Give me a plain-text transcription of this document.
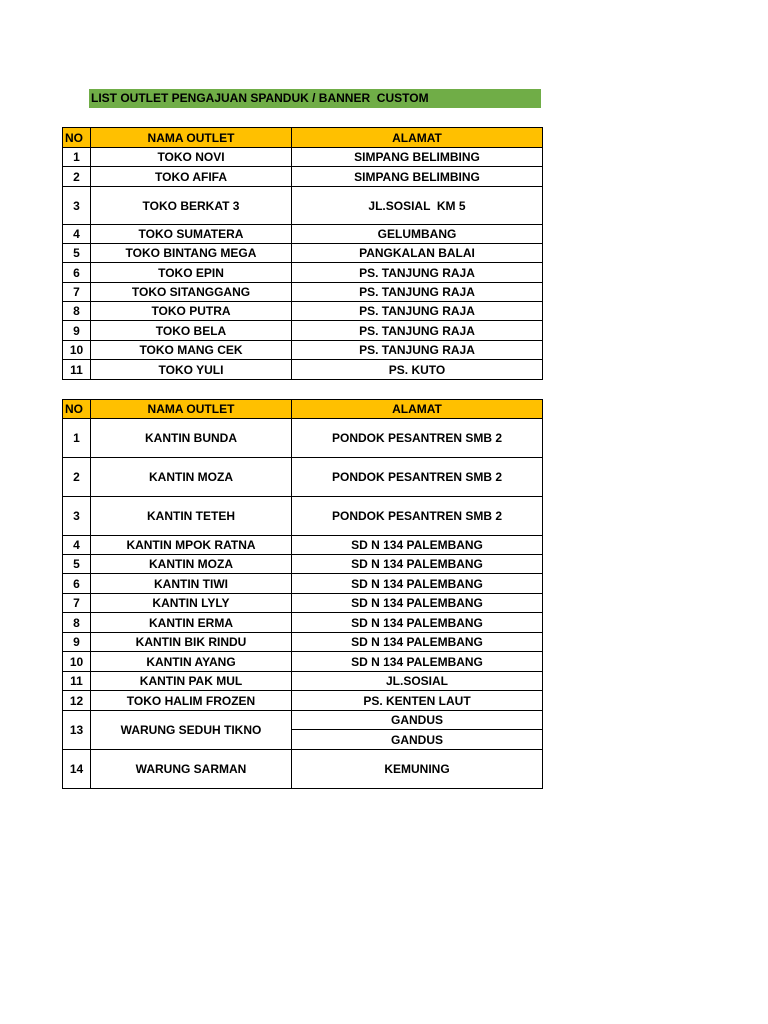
LIST OUTLET PENGAJUAN SPANDUK / BANNER  CUSTOM
NO	NAMA OUTLET	ALAMAT
1	TOKO NOVI	SIMPANG BELIMBING
2	TOKO AFIFA	SIMPANG BELIMBING
3	TOKO BERKAT 3	JL.SOSIAL  KM 5
4	TOKO SUMATERA	GELUMBANG
5	TOKO BINTANG MEGA	PANGKALAN BALAI
6	TOKO EPIN	PS. TANJUNG RAJA
7	TOKO SITANGGANG	PS. TANJUNG RAJA
8	TOKO PUTRA	PS. TANJUNG RAJA
9	TOKO BELA	PS. TANJUNG RAJA
10	TOKO MANG CEK	PS. TANJUNG RAJA
11	TOKO YULI	PS. KUTO
NO	NAMA OUTLET	ALAMAT
1	KANTIN BUNDA	PONDOK PESANTREN SMB 2
2	KANTIN MOZA	PONDOK PESANTREN SMB 2
3	KANTIN TETEH	PONDOK PESANTREN SMB 2
4	KANTIN MPOK RATNA	SD N 134 PALEMBANG
5	KANTIN MOZA	SD N 134 PALEMBANG
6	KANTIN TIWI	SD N 134 PALEMBANG
7	KANTIN LYLY	SD N 134 PALEMBANG
8	KANTIN ERMA	SD N 134 PALEMBANG
9	KANTIN BIK RINDU	SD N 134 PALEMBANG
10	KANTIN AYANG	SD N 134 PALEMBANG
11	KANTIN PAK MUL	JL.SOSIAL
12	TOKO HALIM FROZEN	PS. KENTEN LAUT
13	WARUNG SEDUH TIKNO	GANDUS
		GANDUS
14	WARUNG SARMAN	KEMUNING
